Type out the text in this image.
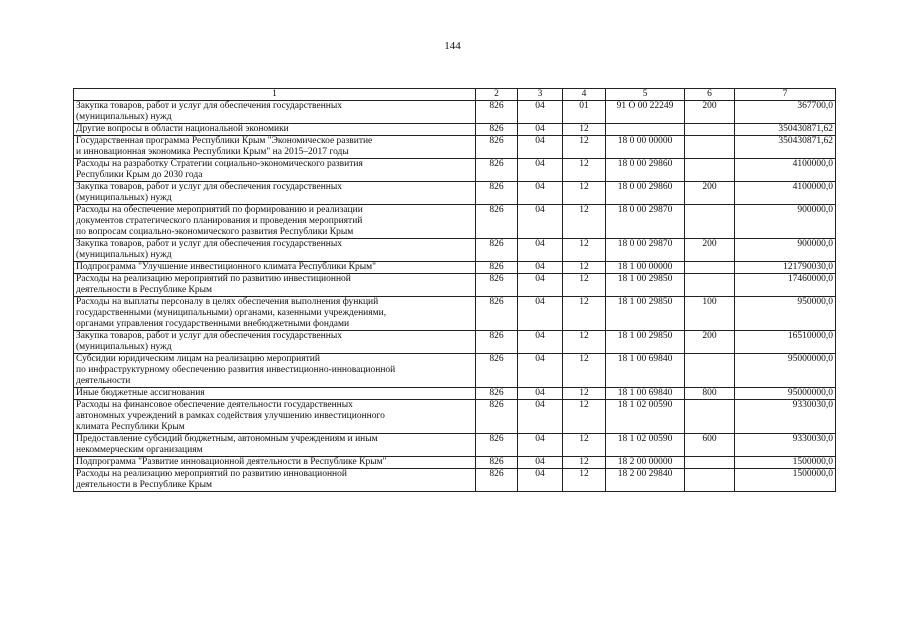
144
1	2	3	4	5	6	7

Закупка товаров, работ и услуг для обеспечения государственных
(муниципальных) нужд	826	04	01	91 О 00 22249	200	367700,0

Другие вопросы в области национальной экономики	826	04	12			350430871,62

Государственная программа Республики Крым "Экономическое развитие
и инновационная экономика Республики Крым" на 2015–2017 годы	826	04	12	18 0 00 00000		350430871,62

Расходы на разработку Стратегии социально-экономического развития
Республики Крым до 2030 года	826	04	12	18 0 00 29860		4100000,0

Закупка товаров, работ и услуг для обеспечения государственных
(муниципальных) нужд	826	04	12	18 0 00 29860	200	4100000,0

Расходы на обеспечение мероприятий по формированию и реализации
документов стратегического планирования и проведения мероприятий
по вопросам социально-экономического развития Республики Крым	826	04	12	18 0 00 29870		900000,0

Закупка товаров, работ и услуг для обеспечения государственных
(муниципальных) нужд	826	04	12	18 0 00 29870	200	900000,0

Подпрограмма "Улучшение инвестиционного климата Республики Крым"	826	04	12	18 1 00 00000		121790030,0

Расходы на реализацию мероприятий по развитию инвестиционной
деятельности в Республике Крым	826	04	12	18 1 00 29850		17460000,0

Расходы на выплаты персоналу в целях обеспечения выполнения функций
государственными (муниципальными) органами, казенными учреждениями,
органами управления государственными внебюджетными фондами	826	04	12	18 1 00 29850	100	950000,0

Закупка товаров, работ и услуг для обеспечения государственных
(муниципальных) нужд	826	04	12	18 1 00 29850	200	16510000,0

Субсидии юридическим лицам на реализацию мероприятий
по инфраструктурному обеспечению развития инвестиционно-инновационной
деятельности	826	04	12	18 1 00 69840		95000000,0

Иные бюджетные ассигнования	826	04	12	18 1 00 69840	800	95000000,0

Расходы на финансовое обеспечение деятельности государственных
автономных учреждений в рамках содействия улучшению инвестиционного
климата Республики Крым	826	04	12	18 1 02 00590		9330030,0

Предоставление субсидий бюджетным, автономным учреждениям и иным
некоммерческим организациям	826	04	12	18 1 02 00590	600	9330030,0

Подпрограмма "Развитие инновационной деятельности в Республике Крым"	826	04	12	18 2 00 00000		1500000,0

Расходы на реализацию мероприятий по развитию инновационной
деятельности в Республике Крым	826	04	12	18 2 00 29840		1500000,0
